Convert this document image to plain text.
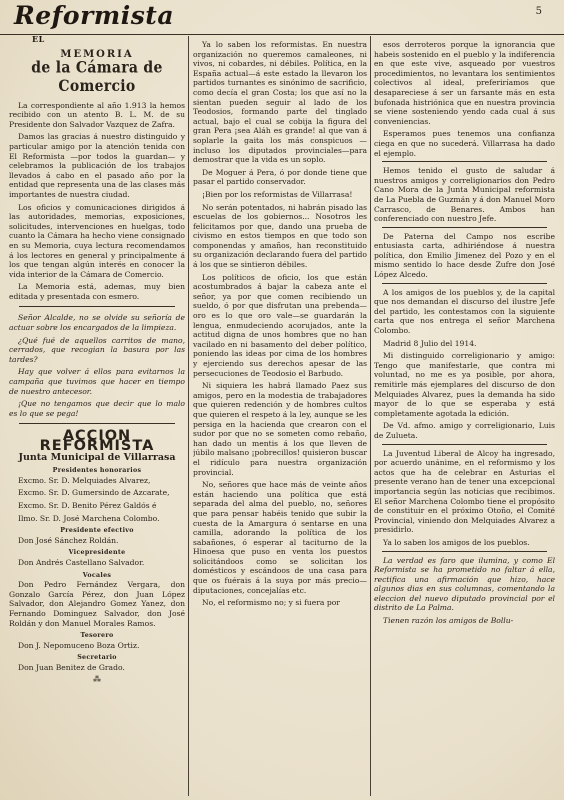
Reformista
EL
5
MEMORIA
de la Cámara de Comercio

La correspondiente al año 1.913 la hemos recibido con un atento B. L. M. de su Presidente don Salvador Vazquez de Zafra.

Damos las gracias á nuestro distinguido y particular amigo por la atención tenida con El Reformista —por todos la guardan— y celebramos la publicación de los trabajos llevados á cabo en el pasado año por la entidad que representa una de las clases más importantes de nuestra ciudad.

Los oficios y comunicaciones dirigidos á las autoridades, memorias, exposiciones, solicitudes, intervenciones en huelgas, todo cuanto la Cámara ha hecho viene consignado en su Memoria, cuya lectura recomendamos á los lectores en general y principalmente á los que tengan algún interés en conocer la vida interior de la Cámara de Comercio.

La Memoria está, ademas, muy bien editada y presentada con esmero.

Señor Alcalde, no se olvide su señoría de actuar sobre los encargados de la limpieza.

¿Qué fué de aquellos carritos de mano, cerrados, que recogian la basura por las tardes?

Hay que volver á ellos para evitarnos la campaña que tuvimos que hacer en tiempo de nuestro antecesor.

¡Que no tengamos que decir que lo malo es lo que se pega!

ACCION REFORMISTA
Junta Municipal de Villarrasa
Presidentes honorarios

Excmo. Sr. D. Melquiades Alvarez,

Excmo. Sr. D. Gumersindo de Azcarate,

Excmo. Sr. D. Benito Pérez Galdós é

Ilmo. Sr. D. José Marchena Colombo.

Presidente efectivo

Don José Sánchez Roldán.

Vicepresidente

Don Andrés Castellano Salvador.

Vocales

Don Pedro Fernández Vergara, don Gonzalo García Pérez, don Juan López Salvador, don Alejandro Gomez Yanez, don Fernando Dominguez Salvador, don José Roldán y don Manuel Morales Ramos.

Tesorero

Don J. Nepomuceno Boza Ortiz.

Secretario

Don Juan Benitez de Grado.

⁂

Ya lo saben los reformistas. En nuestra organización no queremos camaleones, ni vivos, ni cobardes, ni débiles. Política, en la España actual—á este estado la llevaron los partidos turnantes es sinónimo de sacrificio, como decía el gran Costa; los que así no la sientan pueden seguir al lado de los Teodosios, formando parte del tinglado actual, bajo el cual se cobija la figura del gran Pera ¡sea Aláh es grande! al que van á soplarle la gaita los más conspicuos —incluso los diputados provinciales—para demostrar que la vida es un soplo.

De Moguer á Pera, ó por donde tiene que pasar el partido conservador.

¡Bien por los reformistas de Villarrasa!

No serán potentados, ni habrán pisado las escuelas de los gobiernos... Nosotros les felicitamos por que, dando una prueba de civismo en estos tiempos en que todo son componendas y amaños, han reconstituido su organización declarando fuera del partido á los que se sintieron débiles.

Los políticos de oficio, los que están acostumbrados á bajar la cabeza ante el señor, ya por que comen recibiendo un sueldo, ó por que disfrutan una prebenda—oro es lo que oro vale—se guardarán la lengua, enmudeciendo acorujados, ante la actitud digna de unos hombres que no han vacilado en ni basamento del deber político, poniendo las ideas por cima de los hombres y ejerciendo sus derechos apesar de las persecuciones de Teodosio el Barbudo.

Ni siquiera les habrá llamado Paez sus amigos, pero en la modestia de trabajadores que quieren redención y de hombres cultos que quieren el respeto á la ley, aunque se les persiga en la hacienda que crearon con el sudor por que no se someten como rebaño, han dado un mentis á los que lleven de júbilo malsano ¡pobrecillos! quisieron buscar el ridículo para nuestra organización provincial.

No, señores que hace más de veinte años están haciendo una política que está separada del alma del pueblo, no, señores que para pensar habéis tenido que subir la cuesta de la Amargura ó sentarse en una camilla, adorando la política de los sabañones, ó esperar al taciturno de la Hinoesa que puso en venta los puestos solicitándoos como se solicitan los domésticos y escándoos de una casa para que os fuérais á la suya por más precio—diputaciones, concejalías etc.

No, el reformismo no; y si fuera por

esos derroteros porque la ignorancia que habeis sostenido en el pueblo y la indiferencia en que este vive, asqueado por vuestros procedimientos, no levantara los sentimientos colectivos al ideal, preferiríamos que desapareciese á ser un farsante más en esta bufonada histriónica que en nuestra provincia se viene sosteniendo yendo cada cual á sus conveniencias.

Esperamos pues tenemos una confianza ciega en que no sucederá. Villarrasa ha dado el ejemplo.

Hemos tenido el gusto de saludar á nuestros amigos y correligionarios don Pedro Cano Mora de la Junta Municipal reformista de La Puebla de Guzmán y á don Manuel Moro Carrasco, de Benares. Ambos han conferenciado con nuestro Jefe.

De Paterna del Campo nos escribe entusiasta carta, adhiriéndose á nuestra política, don Emilio Jimenez del Pozo y en el mismo sentido lo hace desde Zufre don José López Alcedo.

A los amigos de los pueblos y, de la capital que nos demandan el discurso del ilustre Jefe del partido, les contestamos con la siguiente carta que nos entrega el señor Marchena Colombo.

Madrid 8 Julio del 1914.

Mi distinguido correligionario y amigo: Tengo que manifestarle, que contra mi voluntad, no me es ya posible, por ahora, remitirle más ejemplares del discurso de don Melquiades Alvarez, pues la demanda ha sido mayor de lo que se esperaba y está completamente agotada la edición.

De Vd. afmo. amigo y correligionario, Luis de Zulueta.

La Juventud Liberal de Alcoy ha ingresado, por acuerdo unánime, en el reformismo y los actos que ha de celebrar en Asturias el presente verano han de tener una excepcional importancia según las noticias que recibimos. El señor Marchena Colombo tiene el propósito de constituir en el próximo Otoño, el Comité Provincial, viniendo don Melquiades Alvarez a presidirlo.

Ya lo saben los amigos de los pueblos.

La verdad es faro que ilumina, y como El Reformista se ha prometido no faltar á ella, rectifica una afirmación que hizo, hace algunos dias en sus columnas, comentando la eleccion del nuevo diputado provincial por el distrito de La Palma.

Tienen razón los amigos de Bollu-
